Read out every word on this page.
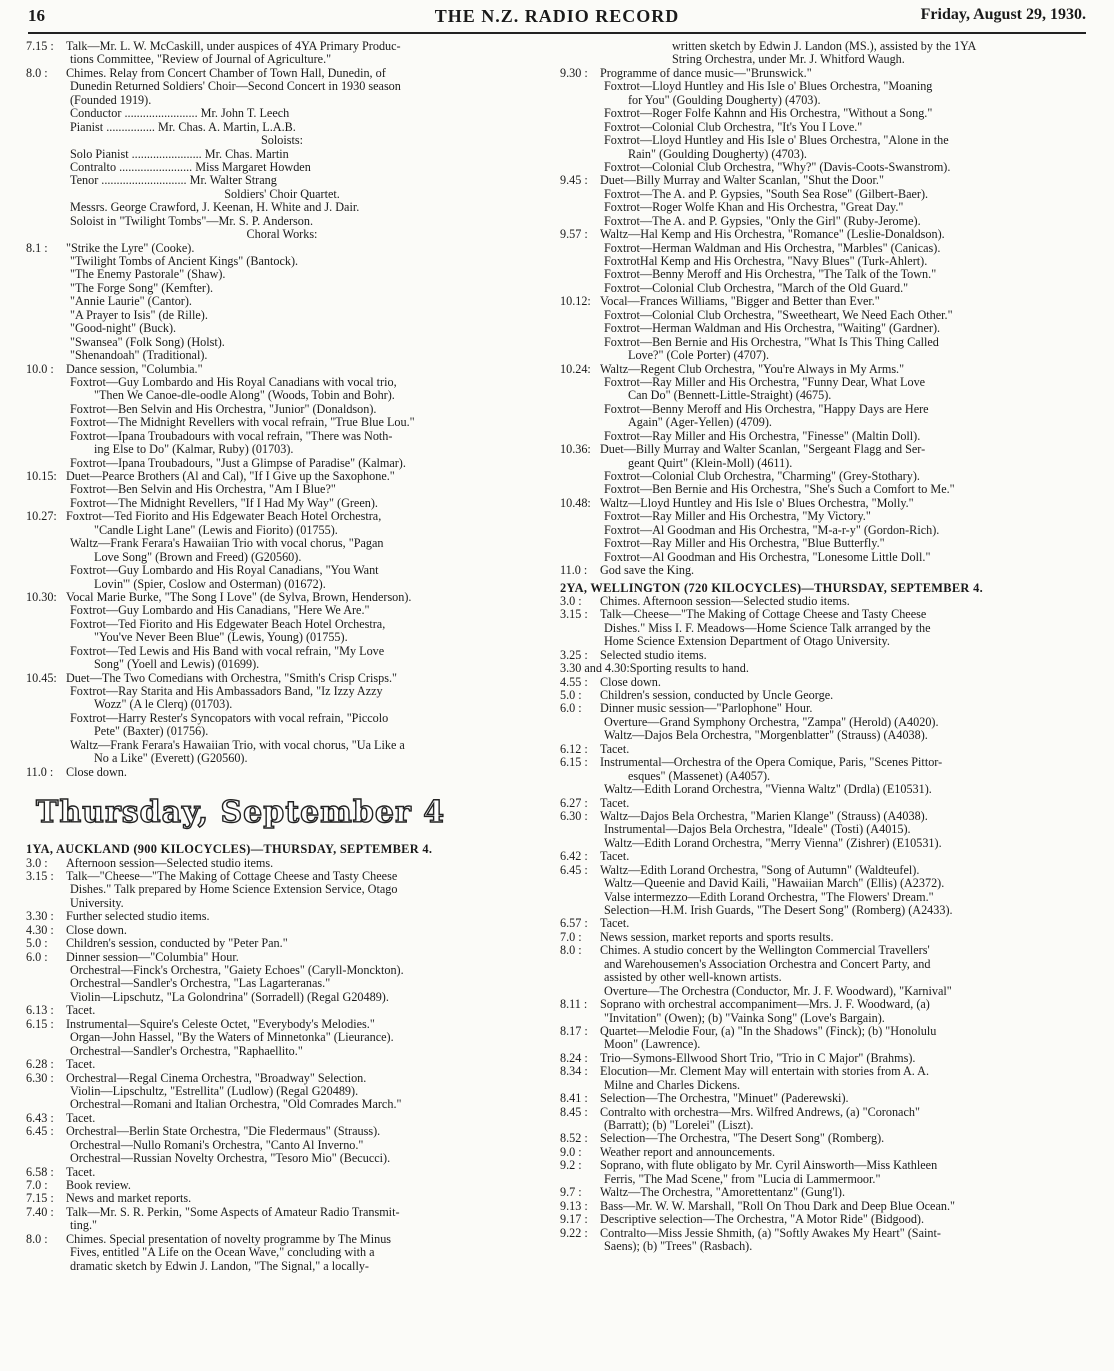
16	THE N.Z. RADIO RECORD	Friday, August 29, 1930.
7.15 :Talk—Mr. L. W. McCaskill, under auspices of 4YA Primary Produc-
tions Committee, "Review of Journal of Agriculture."
8.0 :Chimes. Relay from Concert Chamber of Town Hall, Dunedin, of
Dunedin Returned Soldiers' Choir—Second Concert in 1930 season
(Founded 1919).
Conductor ........................ Mr. John T. Leech
Pianist ................ Mr. Chas. A. Martin, L.A.B.
Soloists:
Solo Pianist ....................... Mr. Chas. Martin
Contralto ........................ Miss Margaret Howden
Tenor ............................ Mr. Walter Strang
Soldiers' Choir Quartet.
Messrs. George Crawford, J. Keenan, H. White and J. Dair.
Soloist in "Twilight Tombs"—Mr. S. P. Anderson.
Choral Works:
8.1 :"Strike the Lyre" (Cooke).
"Twilight Tombs of Ancient Kings" (Bantock).
"The Enemy Pastorale" (Shaw).
"The Forge Song" (Kemfter).
"Annie Laurie" (Cantor).
"A Prayer to Isis" (de Rille).
"Good-night" (Buck).
"Swansea" (Folk Song) (Holst).
"Shenandoah" (Traditional).
10.0 :Dance session, "Columbia."
Foxtrot—Guy Lombardo and His Royal Canadians with vocal trio,
"Then We Canoe-dle-oodle Along" (Woods, Tobin and Bohr).
Foxtrot—Ben Selvin and His Orchestra, "Junior" (Donaldson).
Foxtrot—The Midnight Revellers with vocal refrain, "True Blue Lou."
Foxtrot—Ipana Troubadours with vocal refrain, "There was Noth-
ing Else to Do" (Kalmar, Ruby) (01703).
Foxtrot—Ipana Troubadours, "Just a Glimpse of Paradise" (Kalmar).
10.15:Duet—Pearce Brothers (Al and Cal), "If I Give up the Saxophone."
Foxtrot—Ben Selvin and His Orchestra, "Am I Blue?"
Foxtrot—The Midnight Revellers, "If I Had My Way" (Green).
10.27:Foxtrot—Ted Fiorito and His Edgewater Beach Hotel Orchestra,
"Candle Light Lane" (Lewis and Fiorito) (01755).
Waltz—Frank Ferara's Hawaiian Trio with vocal chorus, "Pagan
Love Song" (Brown and Freed) (G20560).
Foxtrot—Guy Lombardo and His Royal Canadians, "You Want
Lovin'" (Spier, Coslow and Osterman) (01672).
10.30:Vocal Marie Burke, "The Song I Love" (de Sylva, Brown, Henderson).
Foxtrot—Guy Lombardo and His Canadians, "Here We Are."
Foxtrot—Ted Fiorito and His Edgewater Beach Hotel Orchestra,
"You've Never Been Blue" (Lewis, Young) (01755).
Foxtrot—Ted Lewis and His Band with vocal refrain, "My Love
Song" (Yoell and Lewis) (01699).
10.45:Duet—The Two Comedians with Orchestra, "Smith's Crisp Crisps."
Foxtrot—Ray Starita and His Ambassadors Band, "Iz Izzy Azzy
Wozz" (A le Clerq) (01703).
Foxtrot—Harry Rester's Syncopators with vocal refrain, "Piccolo
Pete" (Baxter) (01756).
Waltz—Frank Ferara's Hawaiian Trio, with vocal chorus, "Ua Like a
No a Like" (Everett) (G20560).
11.0 :Close down.
Thursday, September 4
1YA, AUCKLAND (900 KILOCYCLES)—THURSDAY, SEPTEMBER 4.
3.0 :Afternoon session—Selected studio items.
3.15 :Talk—"Cheese—"The Making of Cottage Cheese and Tasty Cheese
Dishes." Talk prepared by Home Science Extension Service, Otago
University.
3.30 :Further selected studio items.
4.30 :Close down.
5.0 :Children's session, conducted by "Peter Pan."
6.0 :Dinner session—"Columbia" Hour.
Orchestral—Finck's Orchestra, "Gaiety Echoes" (Caryll-Monckton).
Orchestral—Sandler's Orchestra, "Las Lagarteranas."
Violin—Lipschutz, "La Golondrina" (Sorradell) (Regal G20489).
6.13 :Tacet.
6.15 :Instrumental—Squire's Celeste Octet, "Everybody's Melodies."
Organ—John Hassel, "By the Waters of Minnetonka" (Lieurance).
Orchestral—Sandler's Orchestra, "Raphaellito."
6.28 :Tacet.
6.30 :Orchestral—Regal Cinema Orchestra, "Broadway" Selection.
Violin—Lipschultz, "Estrellita" (Ludlow) (Regal G20489).
Orchestral—Romani and Italian Orchestra, "Old Comrades March."
6.43 :Tacet.
6.45 :Orchestral—Berlin State Orchestra, "Die Fledermaus" (Strauss).
Orchestral—Nullo Romani's Orchestra, "Canto Al Inverno."
Orchestral—Russian Novelty Orchestra, "Tesoro Mio" (Becucci).
6.58 :Tacet.
7.0 :Book review.
7.15 :News and market reports.
7.40 :Talk—Mr. S. R. Perkin, "Some Aspects of Amateur Radio Transmit-
ting."
8.0 :Chimes. Special presentation of novelty programme by The Minus
Fives, entitled "A Life on the Ocean Wave," concluding with a
dramatic sketch by Edwin J. Landon, "The Signal," a locally-
written sketch by Edwin J. Landon (MS.), assisted by the 1YA
String Orchestra, under Mr. J. Whitford Waugh.
9.30 :Programme of dance music—"Brunswick."
Foxtrot—Lloyd Huntley and His Isle o' Blues Orchestra, "Moaning
for You" (Goulding Dougherty) (4703).
Foxtrot—Roger Folfe Kahnn and His Orchestra, "Without a Song."
Foxtrot—Colonial Club Orchestra, "It's You I Love."
Foxtrot—Lloyd Huntley and His Isle o' Blues Orchestra, "Alone in the
Rain" (Goulding Dougherty) (4703).
Foxtrot—Colonial Club Orchestra, "Why?" (Davis-Coots-Swanstrom).
9.45 :Duet—Billy Murray and Walter Scanlan, "Shut the Door."
Foxtrot—The A. and P. Gypsies, "South Sea Rose" (Gilbert-Baer).
Foxtrot—Roger Wolfe Khan and His Orchestra, "Great Day."
Foxtrot—The A. and P. Gypsies, "Only the Girl" (Ruby-Jerome).
9.57 :Waltz—Hal Kemp and His Orchestra, "Romance" (Leslie-Donaldson).
Foxtrot—Herman Waldman and His Orchestra, "Marbles" (Canicas).
FoxtrotHal Kemp and His Orchestra, "Navy Blues" (Turk-Ahlert).
Foxtrot—Benny Meroff and His Orchestra, "The Talk of the Town."
Foxtrot—Colonial Club Orchestra, "March of the Old Guard."
10.12:Vocal—Frances Williams, "Bigger and Better than Ever."
Foxtrot—Colonial Club Orchestra, "Sweetheart, We Need Each Other."
Foxtrot—Herman Waldman and His Orchestra, "Waiting" (Gardner).
Foxtrot—Ben Bernie and His Orchestra, "What Is This Thing Called
Love?" (Cole Porter) (4707).
10.24:Waltz—Regent Club Orchestra, "You're Always in My Arms."
Foxtrot—Ray Miller and His Orchestra, "Funny Dear, What Love
Can Do" (Bennett-Little-Straight) (4675).
Foxtrot—Benny Meroff and His Orchestra, "Happy Days are Here
Again" (Ager-Yellen) (4709).
Foxtrot—Ray Miller and His Orchestra, "Finesse" (Maltin Doll).
10.36:Duet—Billy Murray and Walter Scanlan, "Sergeant Flagg and Ser-
geant Quirt" (Klein-Moll) (4611).
Foxtrot—Colonial Club Orchestra, "Charming" (Grey-Stothary).
Foxtrot—Ben Bernie and His Orchestra, "She's Such a Comfort to Me."
10.48:Waltz—Lloyd Huntley and His Isle o' Blues Orchestra, "Molly."
Foxtrot—Ray Miller and His Orchestra, "My Victory."
Foxtrot—Al Goodman and His Orchestra, "M-a-r-y" (Gordon-Rich).
Foxtrot—Ray Miller and His Orchestra, "Blue Butterfly."
Foxtrot—Al Goodman and His Orchestra, "Lonesome Little Doll."
11.0 :God save the King.
2YA, WELLINGTON (720 KILOCYCLES)—THURSDAY, SEPTEMBER 4.
3.0 :Chimes. Afternoon session—Selected studio items.
3.15 :Talk—Cheese—"The Making of Cottage Cheese and Tasty Cheese
Dishes." Miss I. F. Meadows—Home Science Talk arranged by the
Home Science Extension Department of Otago University.
3.25 :Selected studio items.
3.30 and 4.30:Sporting results to hand.
4.55 :Close down.
5.0 :Children's session, conducted by Uncle George.
6.0 :Dinner music session—"Parlophone" Hour.
Overture—Grand Symphony Orchestra, "Zampa" (Herold) (A4020).
Waltz—Dajos Bela Orchestra, "Morgenblatter" (Strauss) (A4038).
6.12 :Tacet.
6.15 :Instrumental—Orchestra of the Opera Comique, Paris, "Scenes Pittor-
esques" (Massenet) (A4057).
Waltz—Edith Lorand Orchestra, "Vienna Waltz" (Drdla) (E10531).
6.27 :Tacet.
6.30 :Waltz—Dajos Bela Orchestra, "Marien Klange" (Strauss) (A4038).
Instrumental—Dajos Bela Orchestra, "Ideale" (Tosti) (A4015).
Waltz—Edith Lorand Orchestra, "Merry Vienna" (Zishrer) (E10531).
6.42 :Tacet.
6.45 :Waltz—Edith Lorand Orchestra, "Song of Autumn" (Waldteufel).
Waltz—Queenie and David Kaili, "Hawaiian March" (Ellis) (A2372).
Valse intermezzo—Edith Lorand Orchestra, "The Flowers' Dream."
Selection—H.M. Irish Guards, "The Desert Song" (Romberg) (A2433).
6.57 :Tacet.
7.0 :News session, market reports and sports results.
8.0 :Chimes. A studio concert by the Wellington Commercial Travellers'
and Warehousemen's Association Orchestra and Concert Party, and
assisted by other well-known artists.
Overture—The Orchestra (Conductor, Mr. J. F. Woodward), "Karnival"
8.11 :Soprano with orchestral accompaniment—Mrs. J. F. Woodward, (a)
"Invitation" (Owen); (b) "Vainka Song" (Love's Bargain).
8.17 :Quartet—Melodie Four, (a) "In the Shadows" (Finck); (b) "Honolulu
Moon" (Lawrence).
8.24 :Trio—Symons-Ellwood Short Trio, "Trio in C Major" (Brahms).
8.34 :Elocution—Mr. Clement May will entertain with stories from A. A.
Milne and Charles Dickens.
8.41 :Selection—The Orchestra, "Minuet" (Paderewski).
8.45 :Contralto with orchestra—Mrs. Wilfred Andrews, (a) "Coronach"
(Barratt); (b) "Lorelei" (Liszt).
8.52 :Selection—The Orchestra, "The Desert Song" (Romberg).
9.0 :Weather report and announcements.
9.2 :Soprano, with flute obligato by Mr. Cyril Ainsworth—Miss Kathleen
Ferris, "The Mad Scene," from "Lucia di Lammermoor."
9.7 :Waltz—The Orchestra, "Amorettentanz" (Gung'l).
9.13 :Bass—Mr. W. W. Marshall, "Roll On Thou Dark and Deep Blue Ocean."
9.17 :Descriptive selection—The Orchestra, "A Motor Ride" (Bidgood).
9.22 :Contralto—Miss Jessie Shmith, (a) "Softly Awakes My Heart" (Saint-
Saens); (b) "Trees" (Rasbach).
